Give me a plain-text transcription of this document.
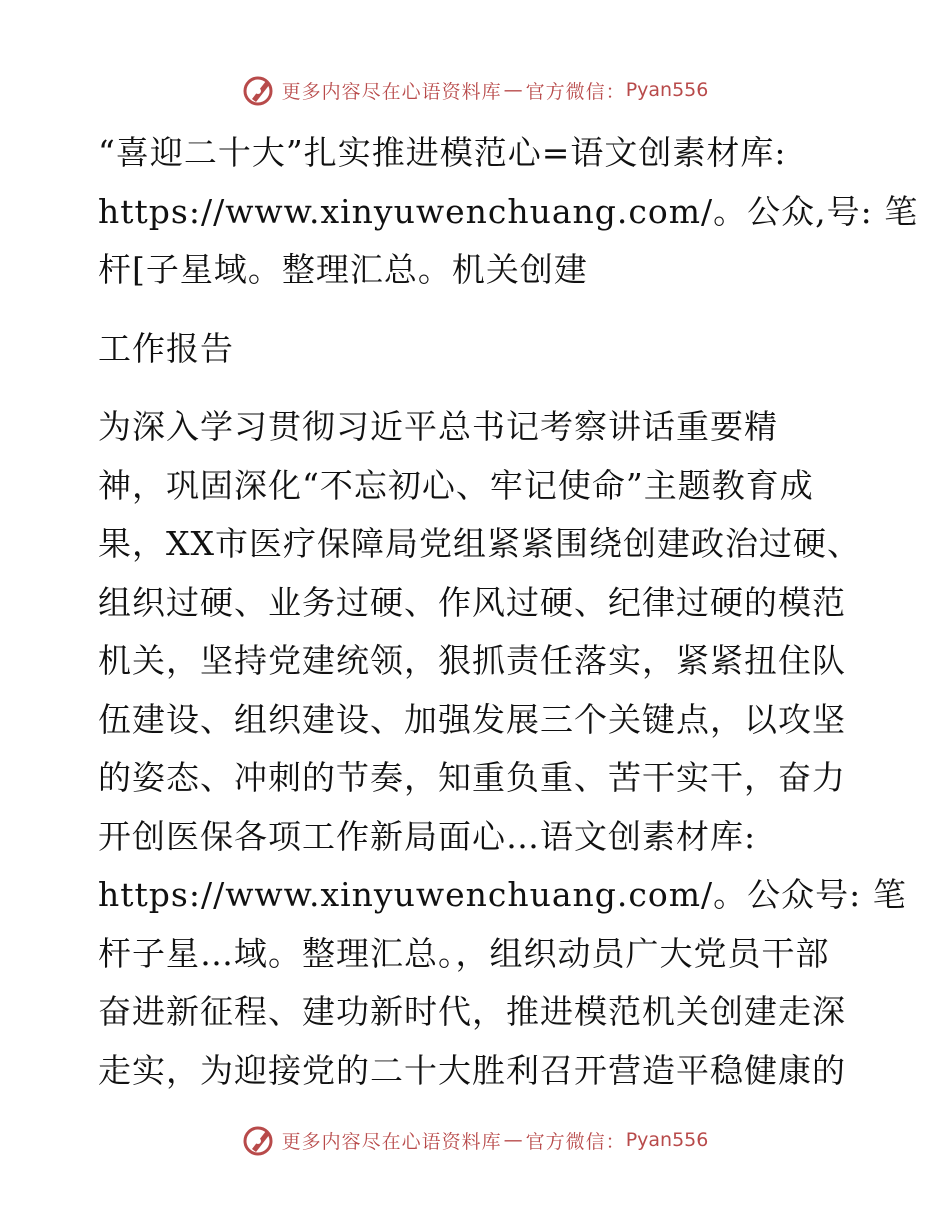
更多内容尽在心语资料库 — 官方微信： Pyan556
“喜迎二十大”扎实推进模范心=语文创素材库:
https://www.xinyuwenchuang.com/。公众,号: 笔
杆[子星域。整理汇总。机关创建
工作报告
为深入学习贯彻习近平总书记考察讲话重要精
神，巩固深化“不忘初心、牢记使命”主题教育成
果，XX市医疗保障局党组紧紧围绕创建政治过硬、
组织过硬、业务过硬、作风过硬、纪律过硬的模范
机关，坚持党建统领，狠抓责任落实，紧紧扭住队
伍建设、组织建设、加强发展三个关键点，以攻坚
的姿态、冲刺的节奏，知重负重、苦干实干，奋力
开创医保各项工作新局面心…语文创素材库:
https://www.xinyuwenchuang.com/。公众号: 笔
杆子星…域。整理汇总。，组织动员广大党员干部
奋进新征程、建功新时代，推进模范机关创建走深
走实，为迎接党的二十大胜利召开营造平稳健康的
更多内容尽在心语资料库 — 官方微信： Pyan556
